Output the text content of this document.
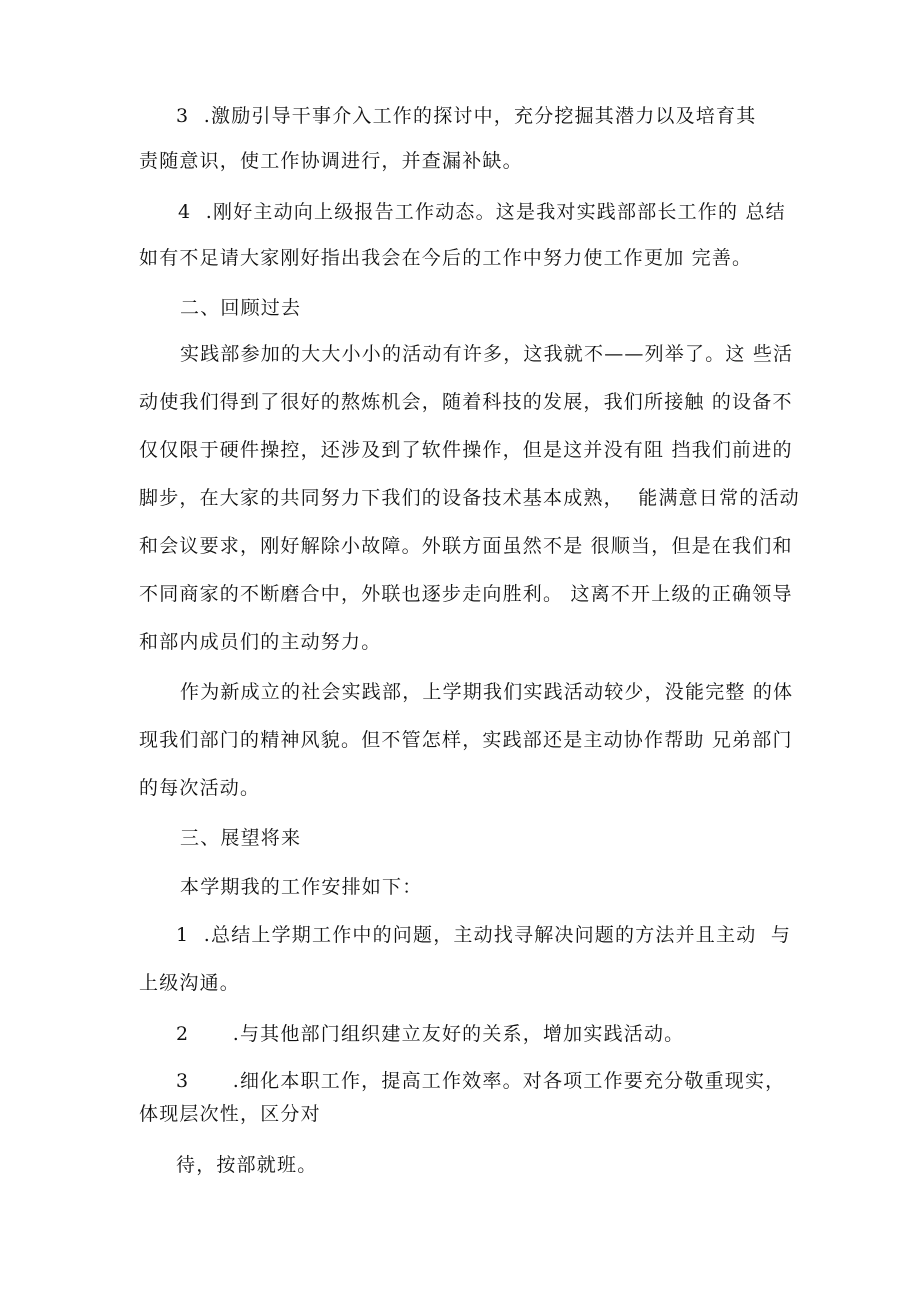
3  .激励引导干事介入工作的探讨中，充分挖掘其潜力以及培育其
责随意识，使工作协调进行，并查漏补缺。
4  .刚好主动向上级报告工作动态。这是我对实践部部长工作的 总结
如有不足请大家刚好指出我会在今后的工作中努力使工作更加 完善。
二、回顾过去
实践部参加的大大小小的活动有许多，这我就不——列举了。这 些活
动使我们得到了很好的熬炼机会，随着科技的发展，我们所接触 的设备不
仅仅限于硬件操控，还涉及到了软件操作，但是这并没有阻 挡我们前进的
脚步，在大家的共同努力下我们的设备技术基本成熟，  能满意日常的活动
和会议要求，刚好解除小故障。外联方面虽然不是 很顺当，但是在我们和
不同商家的不断磨合中，外联也逐步走向胜利。 这离不开上级的正确领导
和部内成员们的主动努力。
作为新成立的社会实践部，上学期我们实践活动较少，没能完整 的体
现我们部门的精神风貌。但不管怎样，实践部还是主动协作帮助 兄弟部门
的每次活动。
三、展望将来
本学期我的工作安排如下：
1  .总结上学期工作中的问题，主动找寻解决问题的方法并且主动  与
上级沟通。
2      .与其他部门组织建立友好的关系，增加实践活动。
3      .细化本职工作，提高工作效率。对各项工作要充分敬重现实，
体现层次性，区分对
待，按部就班。
